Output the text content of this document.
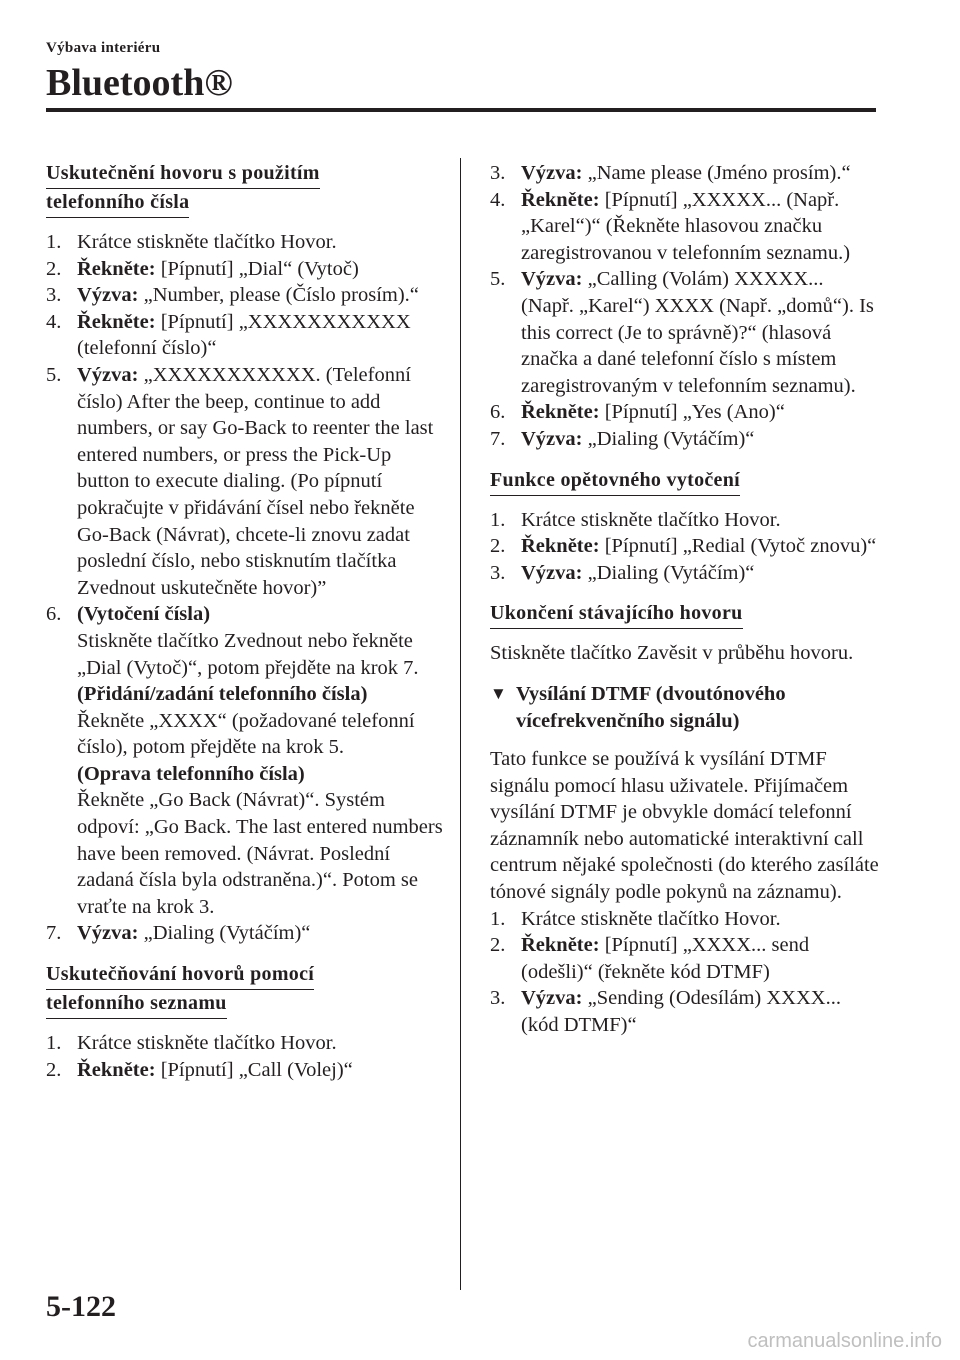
Výbava interiéru
Bluetooth®
Uskutečnění hovoru s použitím
telefonního čísla
1. Krátce stiskněte tlačítko Hovor.
2. Řekněte: [Pípnutí] „Dial“ (Vytoč)
3. Výzva: „Number, please (Číslo prosím).“
4. Řekněte: [Pípnutí] „XXXXXXXXXXX (telefonní číslo)“
5. Výzva: „XXXXXXXXXXX. (Telefonní číslo) After the beep, continue to add numbers, or say Go-Back to reenter the last entered numbers, or press the Pick-Up button to execute dialing. (Po pípnutí pokračujte v přidávání čísel nebo řekněte Go-Back (Návrat), chcete-li znovu zadat poslední číslo, nebo stisknutím tlačítka Zvednout uskutečněte hovor)”
6. (Vytočení čísla)
Stiskněte tlačítko Zvednout nebo řekněte „Dial (Vytoč)“, potom přejděte na krok 7.
(Přidání/zadání telefonního čísla)
Řekněte „XXXX“ (požadované telefonní číslo), potom přejděte na krok 5.
(Oprava telefonního čísla)
Řekněte „Go Back (Návrat)“. Systém odpoví: „Go Back. The last entered numbers have been removed. (Návrat. Poslední zadaná čísla byla odstraněna.)“. Potom se vraťte na krok 3.
7. Výzva: „Dialing (Vytáčím)“
Uskutečňování hovorů pomocí
telefonního seznamu
1. Krátce stiskněte tlačítko Hovor.
2. Řekněte: [Pípnutí] „Call (Volej)“
3. Výzva: „Name please (Jméno prosím).“
4. Řekněte: [Pípnutí] „XXXXX... (Např. „Karel“)“ (Řekněte hlasovou značku zaregistrovanou v telefonním seznamu.)
5. Výzva: „Calling (Volám) XXXXX... (Např. „Karel“) XXXX (Např. „domů“). Is this correct (Je to správně)?“ (hlasová značka a dané telefonní číslo s místem zaregistrovaným v telefonním seznamu).
6. Řekněte: [Pípnutí] „Yes (Ano)“
7. Výzva: „Dialing (Vytáčím)“
Funkce opětovného vytočení
1. Krátce stiskněte tlačítko Hovor.
2. Řekněte: [Pípnutí] „Redial (Vytoč znovu)“
3. Výzva: „Dialing (Vytáčím)“
Ukončení stávajícího hovoru

Stiskněte tlačítko Zavěsit v průběhu hovoru.

▼ Vysílání DTMF (dvoutónového vícefrekvenčního signálu)

Tato funkce se používá k vysílání DTMF signálu pomocí hlasu uživatele. Přijímačem vysílání DTMF je obvykle domácí telefonní záznamník nebo automatické interaktivní call centrum nějaké společnosti (do kterého zasíláte tónové signály podle pokynů na záznamu).

1. Krátce stiskněte tlačítko Hovor.
2. Řekněte: [Pípnutí] „XXXX... send (odešli)“ (řekněte kód DTMF)
3. Výzva: „Sending (Odesílám) XXXX... (kód DTMF)“
5-122
carmanualsonline.info
